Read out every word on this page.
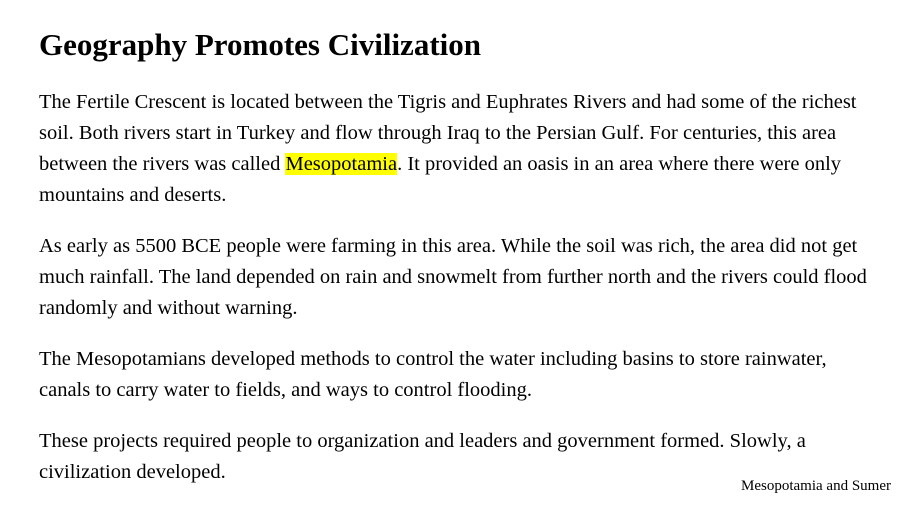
Geography Promotes Civilization

The Fertile Crescent is located between the Tigris and Euphrates Rivers and had some of the richest soil. Both rivers start in Turkey and flow through Iraq to the Persian Gulf. For centuries, this area between the rivers was called Mesopotamia. It provided an oasis in an area where there were only mountains and deserts.

As early as 5500 BCE people were farming in this area. While the soil was rich, the area did not get much rainfall. The land depended on rain and snowmelt from further north and the rivers could flood randomly and without warning.

The Mesopotamians developed methods to control the water including basins to store rainwater, canals to carry water to fields, and ways to control flooding.

These projects required people to organization and leaders and government formed. Slowly, a civilization developed.

Mesopotamia and Sumer
